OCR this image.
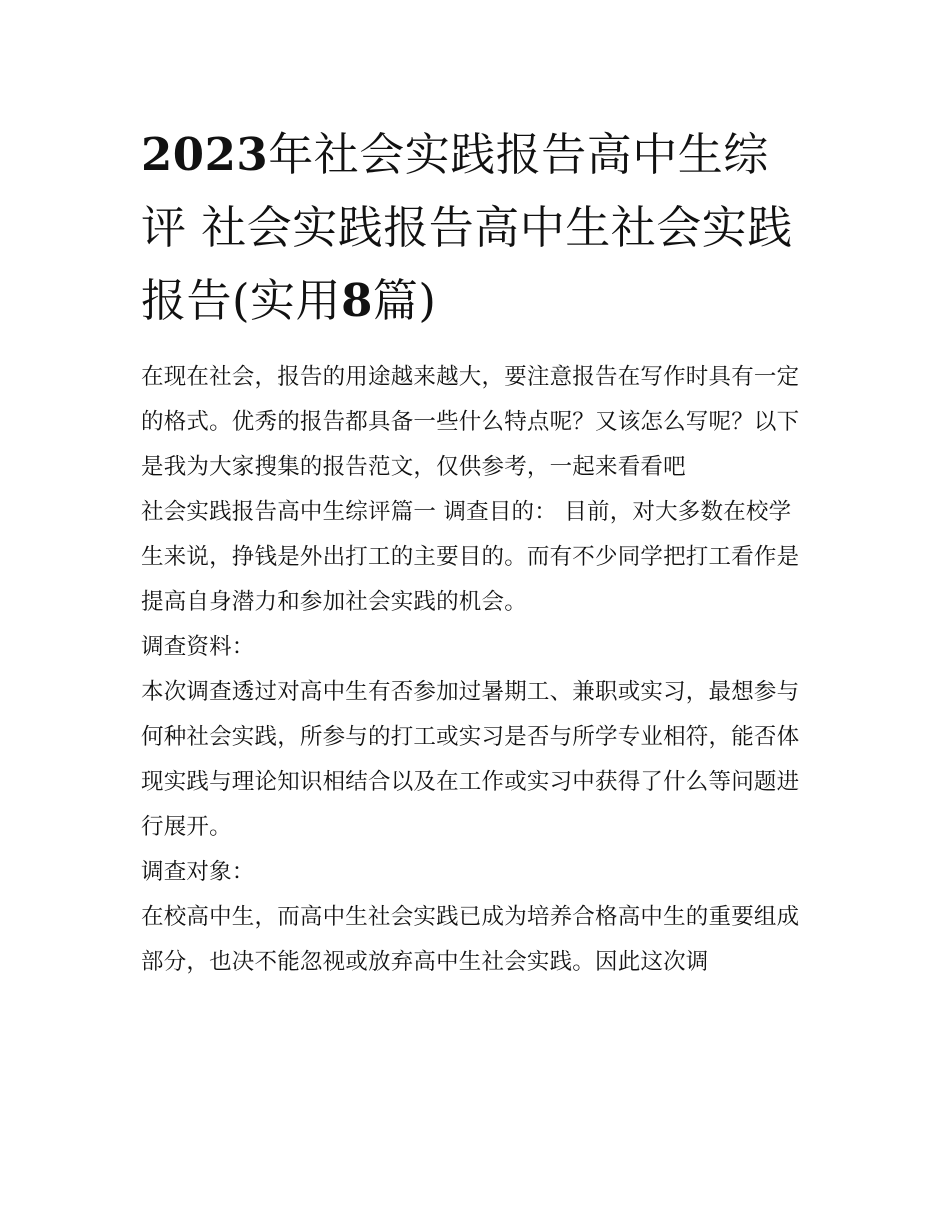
2023年社会实践报告高中生综评 社会实践报告高中生社会实践报告(实用8篇)

在现在社会，报告的用途越来越大，要注意报告在写作时具有一定的格式。优秀的报告都具备一些什么特点呢？又该怎么写呢？以下是我为大家搜集的报告范文，仅供参考，一起来看看吧

社会实践报告高中生综评篇一 调查目的： 目前，对大多数在校学生来说，挣钱是外出打工的主要目的。而有不少同学把打工看作是提高自身潜力和参加社会实践的机会。

调查资料：

本次调查透过对高中生有否参加过暑期工、兼职或实习，最想参与何种社会实践，所参与的打工或实习是否与所学专业相符，能否体现实践与理论知识相结合以及在工作或实习中获得了什么等问题进行展开。

调查对象：

在校高中生，而高中生社会实践已成为培养合格高中生的重要组成部分，也决不能忽视或放弃高中生社会实践。因此这次调
